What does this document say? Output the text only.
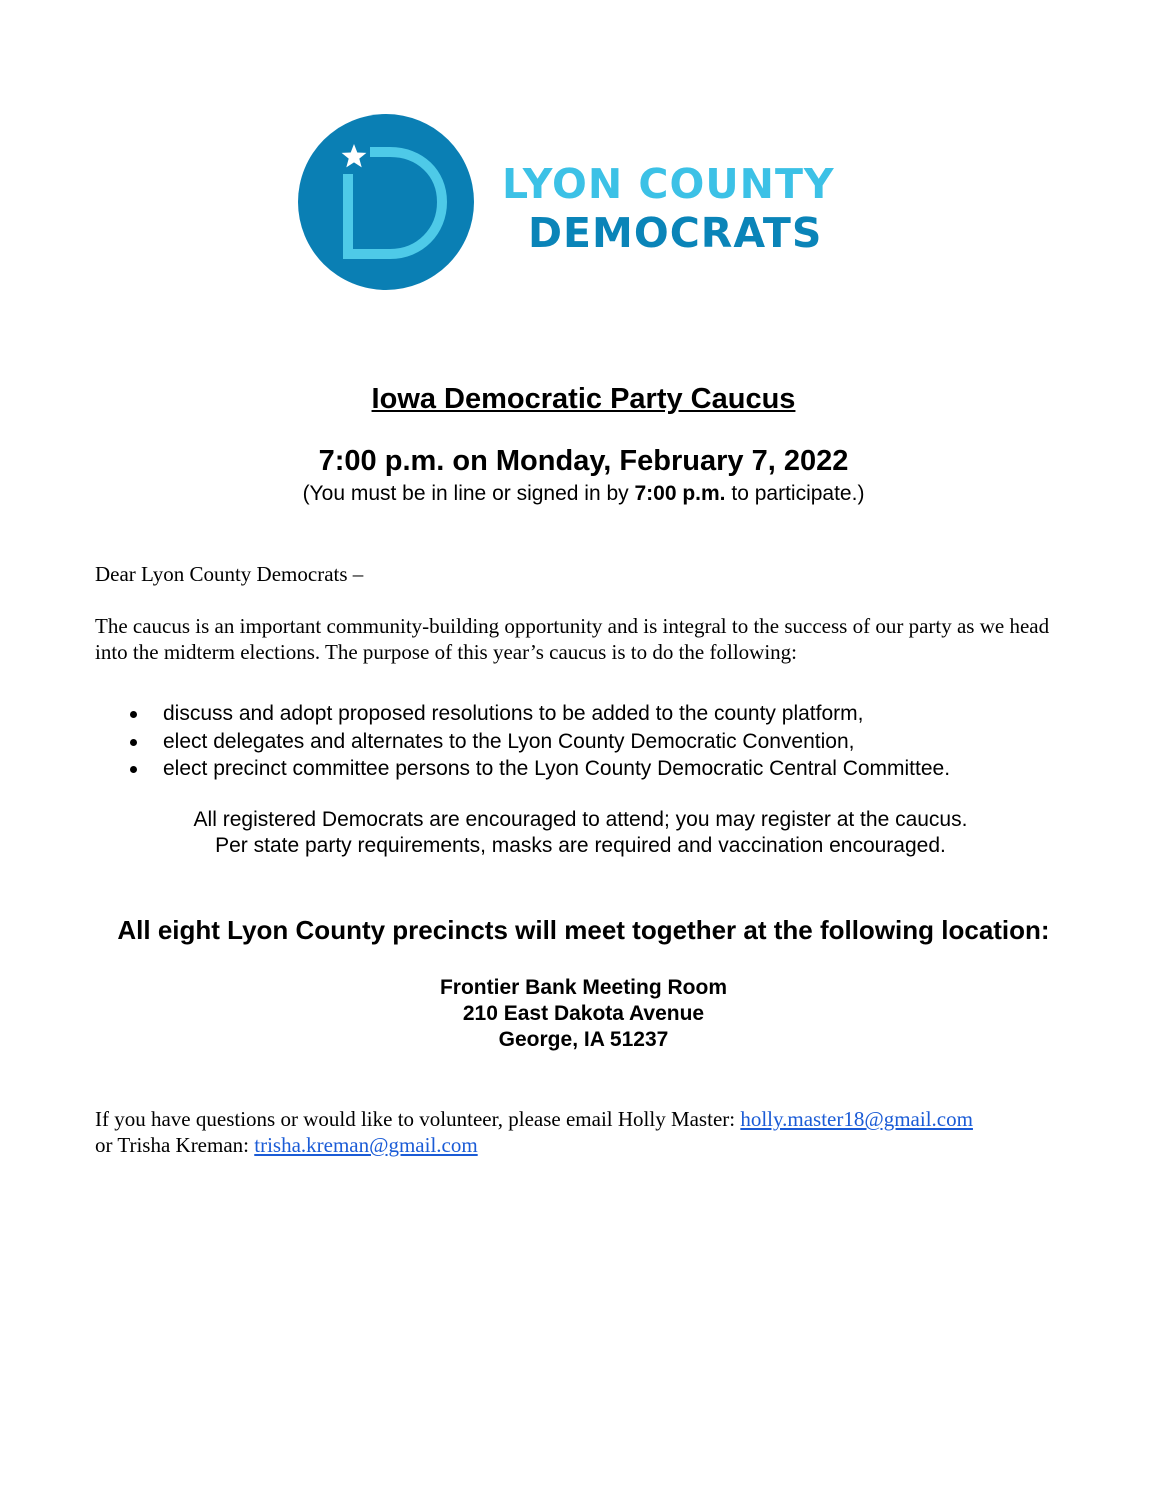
LYON COUNTY
DEMOCRATS
Iowa Democratic Party Caucus
7:00 p.m. on Monday, February 7, 2022
(You must be in line or signed in by 7:00 p.m. to participate.)
Dear Lyon County Democrats –
The caucus is an important community-building opportunity and is integral to the success of our party as we head into the midterm elections. The purpose of this year’s caucus is to do the following:
discuss and adopt proposed resolutions to be added to the county platform,
elect delegates and alternates to the Lyon County Democratic Convention,
elect precinct committee persons to the Lyon County Democratic Central Committee.
All registered Democrats are encouraged to attend; you may register at the caucus.
Per state party requirements, masks are required and vaccination encouraged.
All eight Lyon County precincts will meet together at the following location:
Frontier Bank Meeting Room
210 East Dakota Avenue
George, IA 51237
If you have questions or would like to volunteer, please email Holly Master: holly.master18@gmail.com
or Trisha Kreman: trisha.kreman@gmail.com
